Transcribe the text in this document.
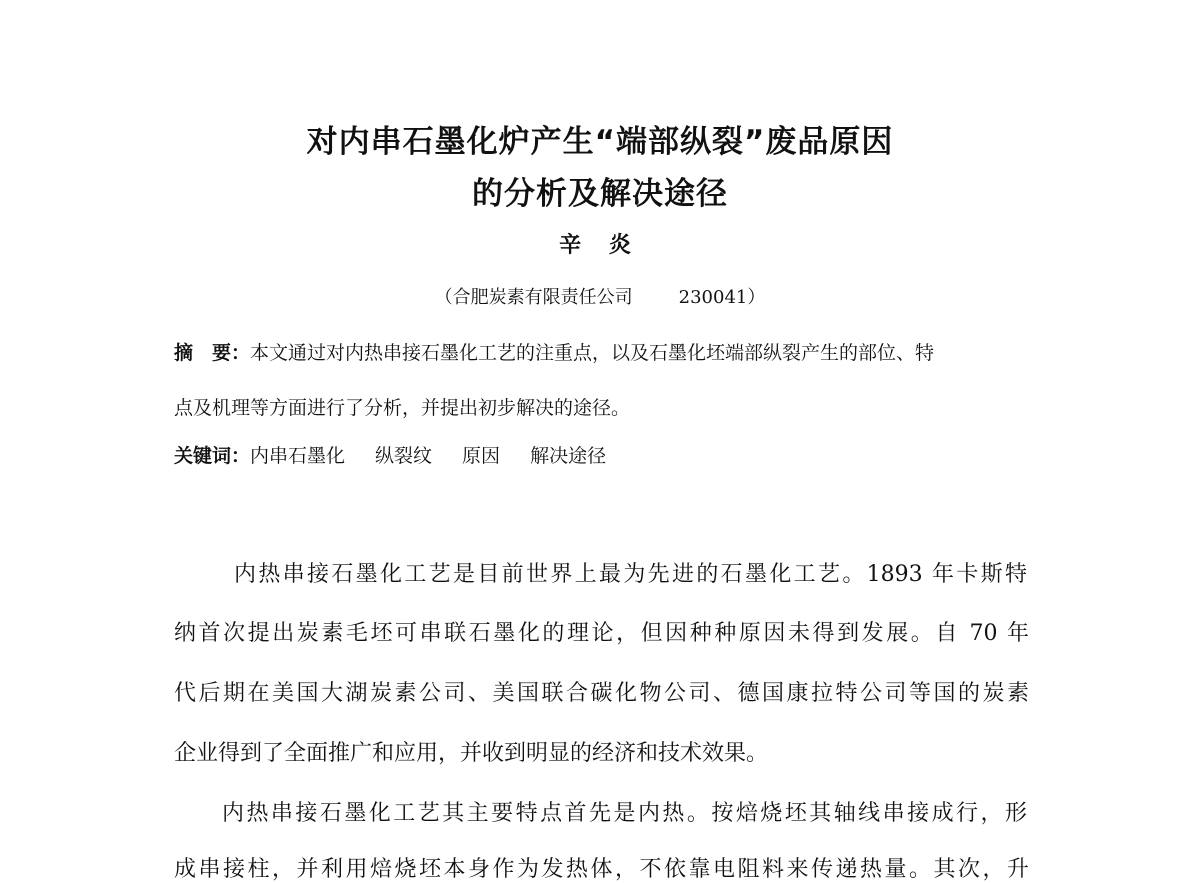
对内串石墨化炉产生“端部纵裂”废品原因
的分析及解决途径
辛 炎
（合肥炭素有限责任公司	230041）
摘　要：本文通过对内热串接石墨化工艺的注重点，以及石墨化坯端部纵裂产生的部位、特
点及机理等方面进行了分析，并提出初步解决的途径。
关键词：内串石墨化 纵裂纹 原因 解决途径
内热串接石墨化工艺是目前世界上最为先进的石墨化工艺。1893 年卡斯特
纳首次提出炭素毛坯可串联石墨化的理论，但因种种原因未得到发展。自 70 年
代后期在美国大湖炭素公司、美国联合碳化物公司、德国康拉特公司等国的炭素
企业得到了全面推广和应用，并收到明显的经济和技术效果。
内热串接石墨化工艺其主要特点首先是内热。按焙烧坯其轴线串接成行，形
成串接柱，并利用焙烧坯本身作为发热体，不依靠电阻料来传递热量。其次，升
